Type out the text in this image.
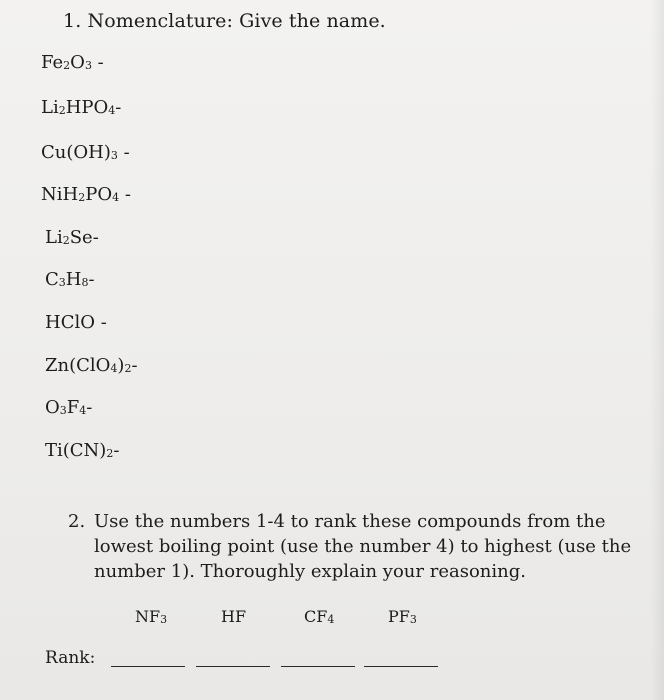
1. Nomenclature: Give the name.
$Fe_2O_3$ -
$Li_2HPO_4-$
$Cu(OH)_3$ -
$NiH_2PO_4$ -
$Li_2Se-$
$C_3H_8-$
HClO -
$Zn(ClO_4)_2-$
$O_3F_4-$
$Ti(CN)_2-$
2. Use the numbers 1-4 to rank these compounds from the lowest boiling point (use the number 4) to highest (use the number 1). Thoroughly explain your reasoning.
$NF_3$	HF	$CF_4$	$PF_3$
Rank:
